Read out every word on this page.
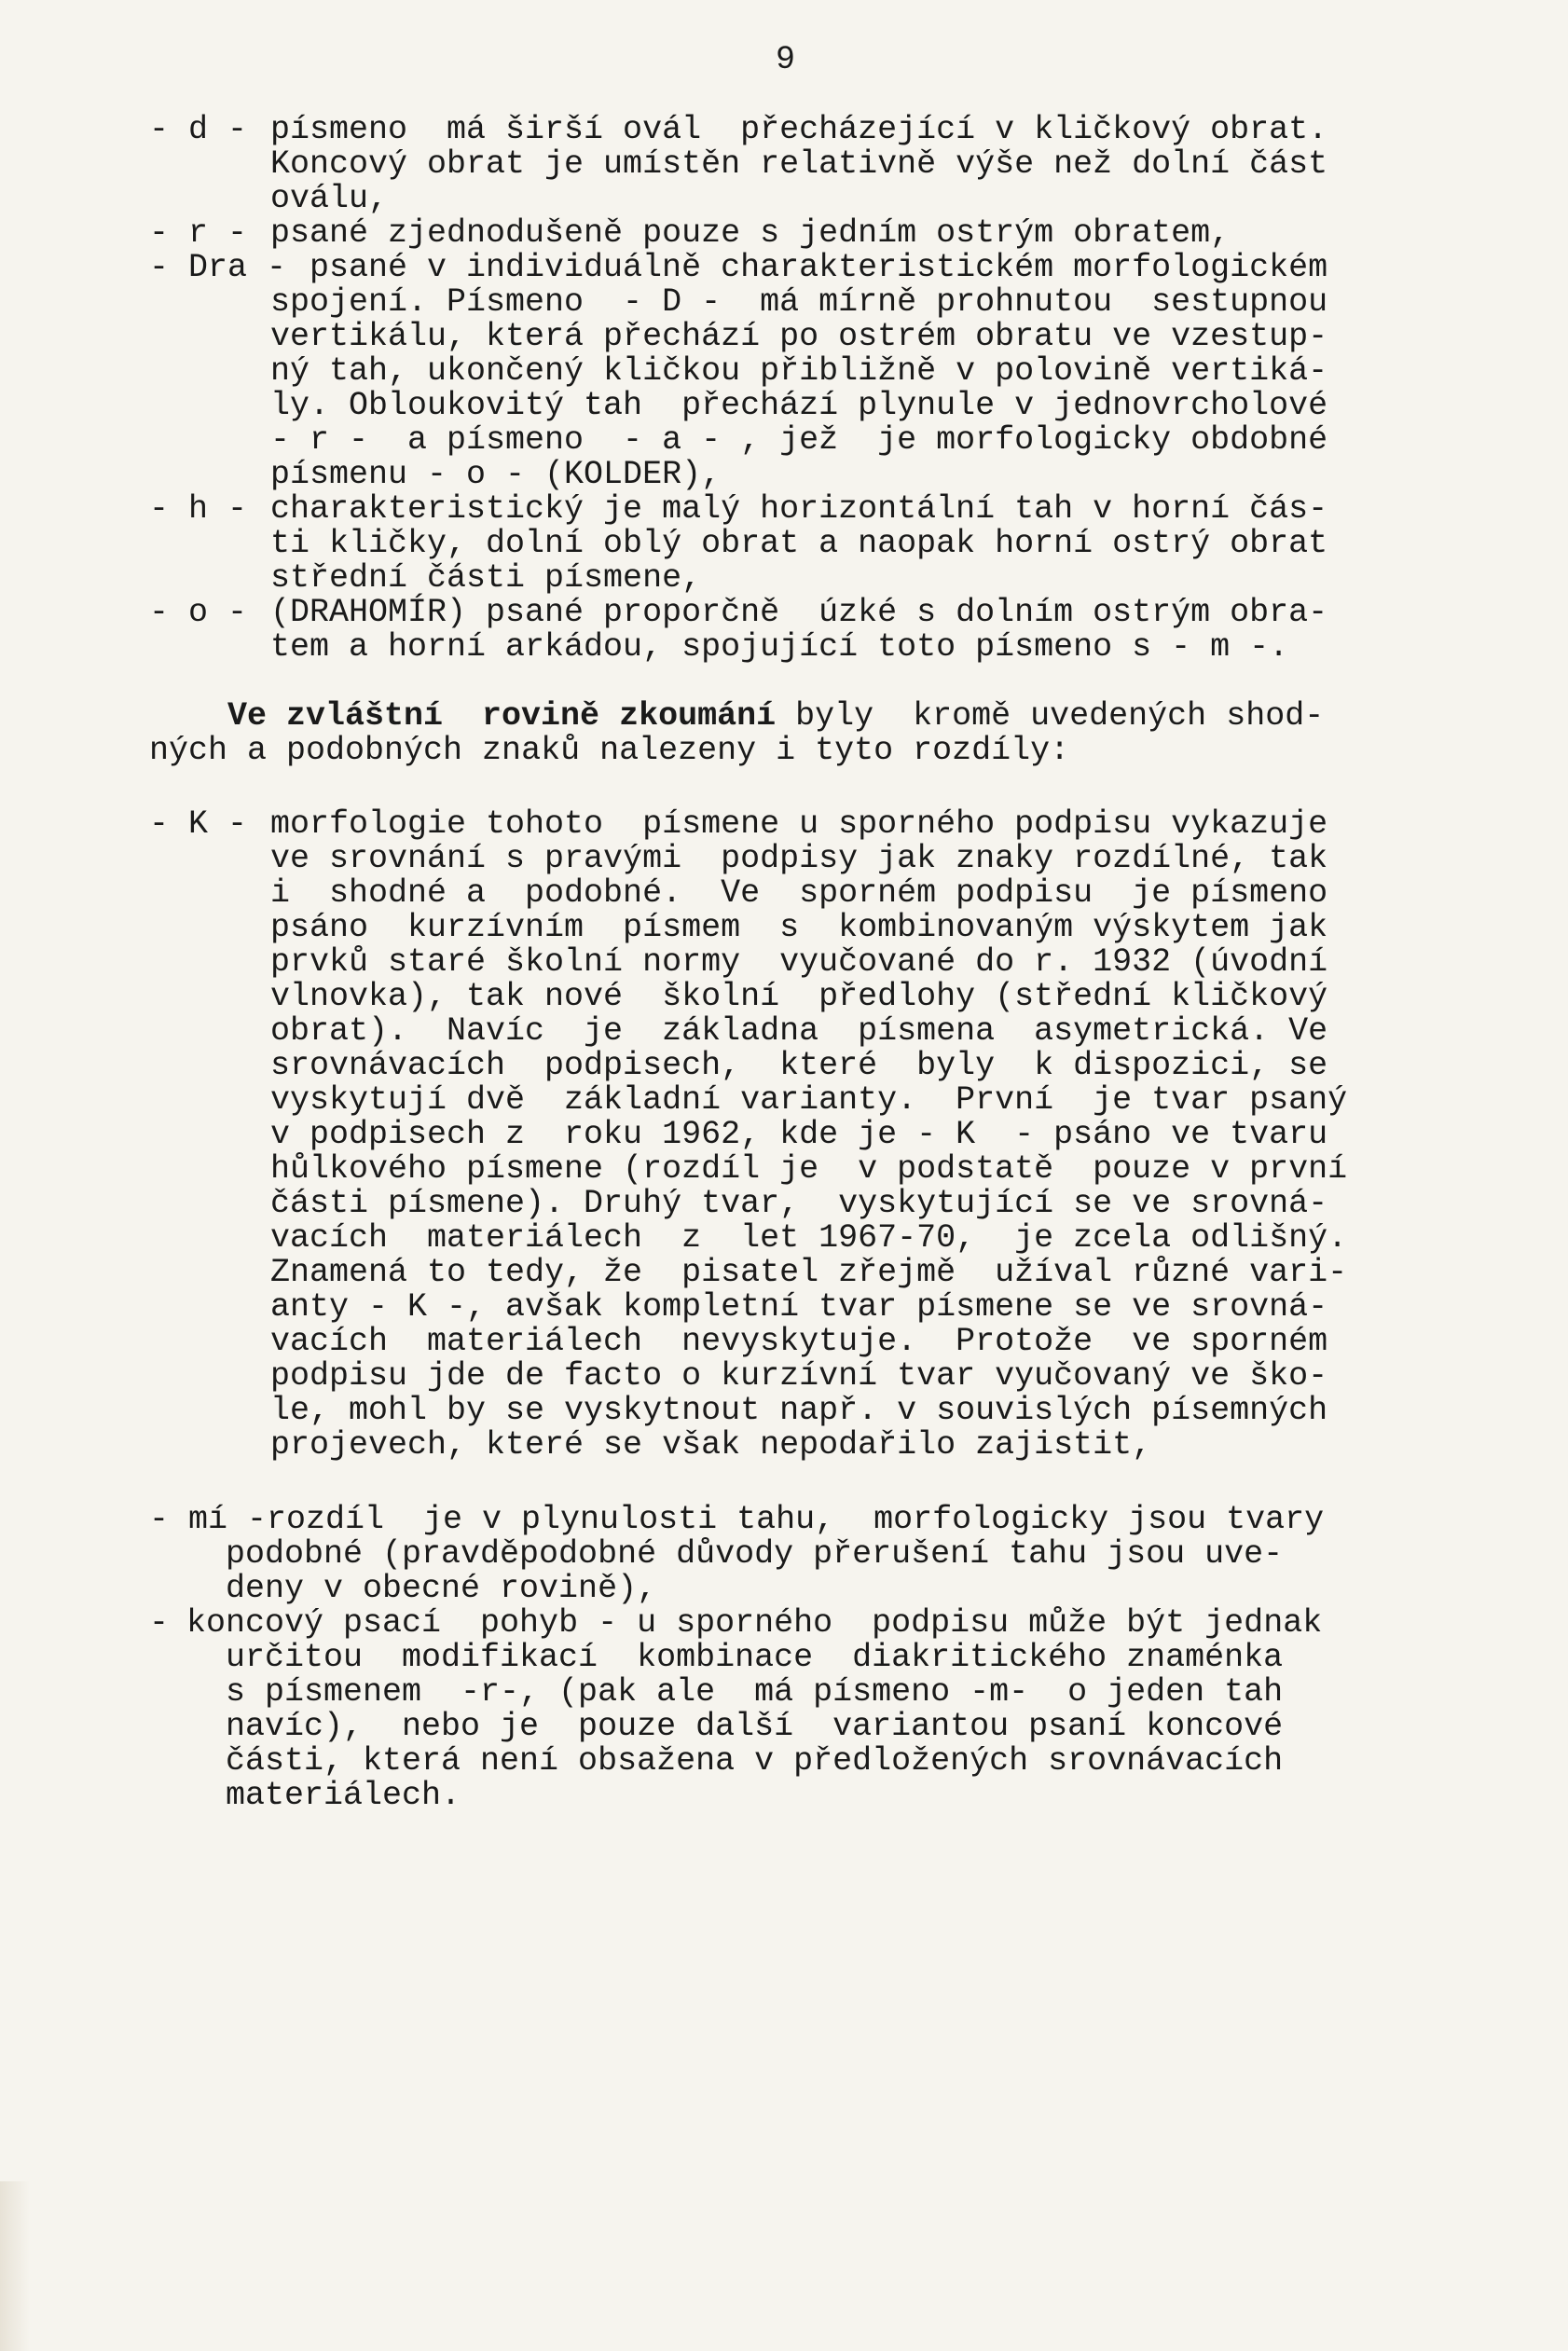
9
- d - písmeno  má širší ovál  přecházející v kličkový obrat.
Koncový obrat je umístěn relativně výše než dolní část
oválu,
- r - psané zjednodušeně pouze s jedním ostrým obratem,
- Dra - psané v individuálně charakteristickém morfologickém
spojení. Písmeno  - D -  má mírně prohnutou  sestupnou
vertikálu, která přechází po ostrém obratu ve vzestup-
ný tah, ukončený kličkou přibližně v polovině vertiká-
ly. Obloukovitý tah  přechází plynule v jednovrcholové
- r -  a písmeno  - a - , jež  je morfologicky obdobné
písmenu - o - (KOLDER),
- h - charakteristický je malý horizontální tah v horní čás-
ti kličky, dolní oblý obrat a naopak horní ostrý obrat
střední části písmene,
- o - (DRAHOMÍR) psané proporčně  úzké s dolním ostrým obra-
tem a horní arkádou, spojující toto písmeno s - m -.
Ve zvláštní  rovině zkoumání byly  kromě uvedených shod-
ných a podobných znaků nalezeny i tyto rozdíly:
- K - morfologie tohoto  písmene u sporného podpisu vykazuje
ve srovnání s pravými  podpisy jak znaky rozdílné, tak
i  shodné a  podobné.  Ve  sporném podpisu  je písmeno
psáno  kurzívním  písmem  s  kombinovaným výskytem jak
prvků staré školní normy  vyučované do r. 1932 (úvodní
vlnovka), tak nové  školní  předlohy (střední kličkový
obrat).  Navíc  je  základna  písmena  asymetrická. Ve
srovnávacích  podpisech,  které  byly  k dispozici, se
vyskytují dvě  základní varianty.  První  je tvar psaný
v podpisech z  roku 1962, kde je - K  - psáno ve tvaru
hůlkového písmene (rozdíl je  v podstatě  pouze v první
části písmene). Druhý tvar,  vyskytující se ve srovná-
vacích  materiálech  z  let 1967-70,  je zcela odlišný.
Znamená to tedy, že  pisatel zřejmě  užíval různé vari-
anty - K -, avšak kompletní tvar písmene se ve srovná-
vacích  materiálech  nevyskytuje.  Protože  ve sporném
podpisu jde de facto o kurzívní tvar vyučovaný ve ško-
le, mohl by se vyskytnout např. v souvislých písemných
projevech, které se však nepodařilo zajistit,
- mí - rozdíl  je v plynulosti tahu,  morfologicky jsou tvary
podobné (pravděpodobné důvody přerušení tahu jsou uve-
deny v obecné rovině),
-
koncový psací  pohyb - u sporného  podpisu může být jednak
určitou  modifikací  kombinace  diakritického znaménka
s písmenem  -r-, (pak ale  má písmeno -m-  o jeden tah
navíc),  nebo je  pouze další  variantou psaní koncové
části, která není obsažena v předložených srovnávacích
materiálech.
